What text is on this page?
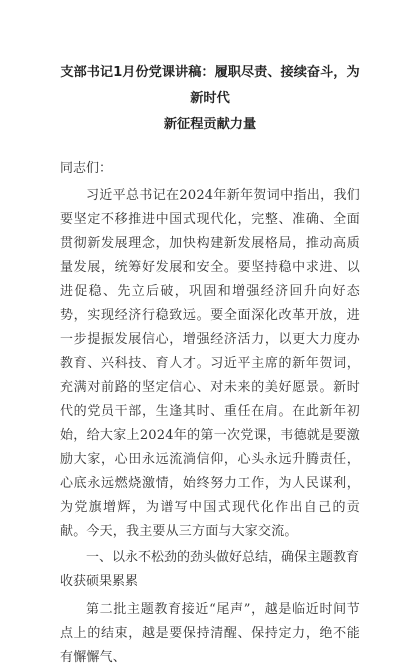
支部书记1月份党课讲稿：履职尽责、接续奋斗，为新时代
新征程贡献力量

同志们：

习近平总书记在2024年新年贺词中指出，我们要坚定不移推进中国式现代化，完整、准确、全面贯彻新发展理念，加快构建新发展格局，推动高质量发展，统筹好发展和安全。要坚持稳中求进、以进促稳、先立后破，巩固和增强经济回升向好态势，实现经济行稳致远。要全面深化改革开放，进一步提振发展信心，增强经济活力，以更大力度办教育、兴科技、育人才。习近平主席的新年贺词，充满对前路的坚定信心、对未来的美好愿景。新时代的党员干部，生逢其时、重任在肩。在此新年初始，给大家上2024年的第一次党课，韦德就是要激励大家，心田永远流淌信仰，心头永远升腾责任，心底永远燃烧激情，始终努力工作，为人民谋利，为党旗增辉，为谱写中国式现代化作出自己的贡献。今天，我主要从三方面与大家交流。

一、以永不松劲的劲头做好总结，确保主题教育收获硕果累累

第二批主题教育接近“尾声”，越是临近时间节点上的结束，越是要保持清醒、保持定力，绝不能有懈懈气、
